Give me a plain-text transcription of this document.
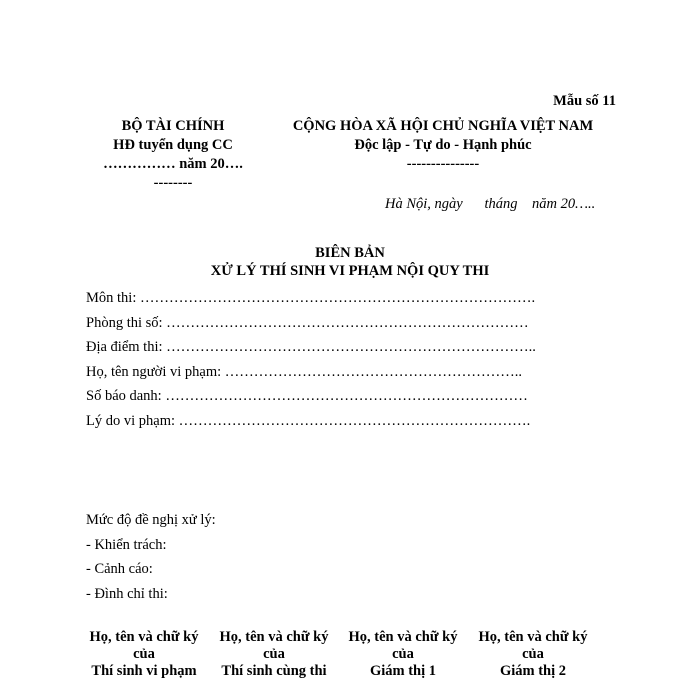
Mẫu số 11
BỘ TÀI CHÍNH
HĐ tuyển dụng CC
…………… năm 20….
--------
CỘNG HÒA XÃ HỘI CHỦ NGHĨA VIỆT NAM
Độc lập - Tự do - Hạnh phúc
---------------
Hà Nội, ngày      tháng    năm 20…..
BIÊN BẢN
XỬ LÝ THÍ SINH VI PHẠM NỘI QUY THI
Môn thi: ……………………………………………………………………….
Phòng thi số: …………………………………………………………………
Địa điểm thi: …………………………………………………………………..
Họ, tên người vi phạm: ……………………………………………………..
Số báo danh: …………………………………………………………………
Lý do vi phạm: ……………………………………………………………….
Mức độ đề nghị xử lý:
- Khiển trách:
- Cảnh cáo:
- Đình chỉ thi:
Họ, tên và chữ ký
của
Thí sinh vi phạm
Họ, tên và chữ ký
của
Thí sinh cùng thi
Họ, tên và chữ ký
của
Giám thị 1
Họ, tên và chữ ký
của
Giám thị 2
